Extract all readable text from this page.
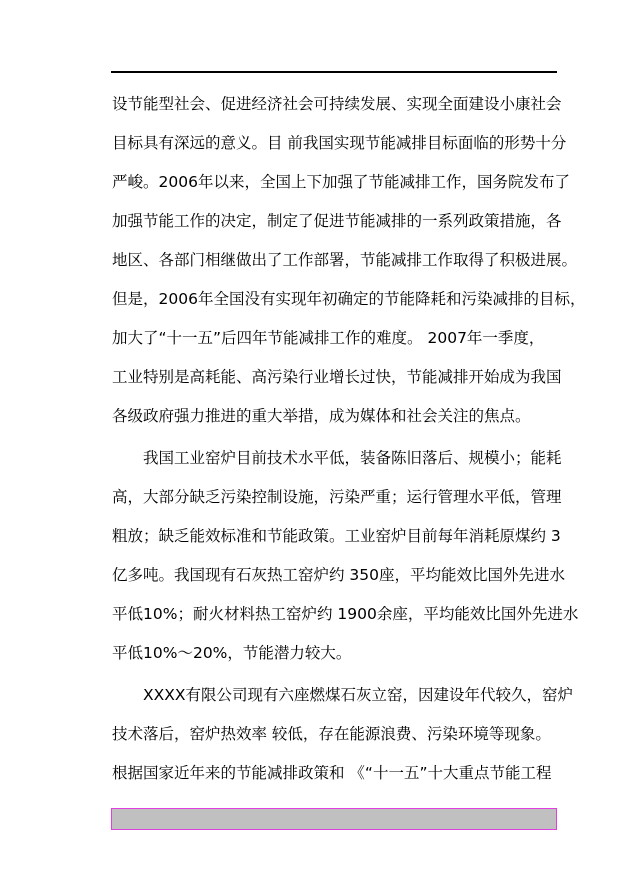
设节能型社会、促进经济社会可持续发展、实现全面建设小康社会
目标具有深远的意义。目 前我国实现节能减排目标面临的形势十分
严峻。2006年以来，全国上下加强了节能减排工作，国务院发布了
加强节能工作的决定，制定了促进节能减排的一系列政策措施，各
地区、各部门相继做出了工作部署，节能减排工作取得了积极进展。
但是，2006年全国没有实现年初确定的节能降耗和污染减排的目标，
加大了“十一五”后四年节能减排工作的难度。 2007年一季度，
工业特别是高耗能、高污染行业增长过快，节能减排开始成为我国
各级政府强力推进的重大举措，成为媒体和社会关注的焦点。
我国工业窑炉目前技术水平低，装备陈旧落后、规模小；能耗
高，大部分缺乏污染控制设施，污染严重；运行管理水平低，管理
粗放；缺乏能效标准和节能政策。工业窑炉目前每年消耗原煤约 3
亿多吨。我国现有石灰热工窑炉约 350座，平均能效比国外先进水
平低10%；耐火材料热工窑炉约 1900余座，平均能效比国外先进水
平低10%～20%，节能潜力较大。
XXXX有限公司现有六座燃煤石灰立窑，因建设年代较久，窑炉
技术落后，窑炉热效率 较低，存在能源浪费、污染环境等现象。
根据国家近年来的节能减排政策和 《“十一五”十大重点节能工程
